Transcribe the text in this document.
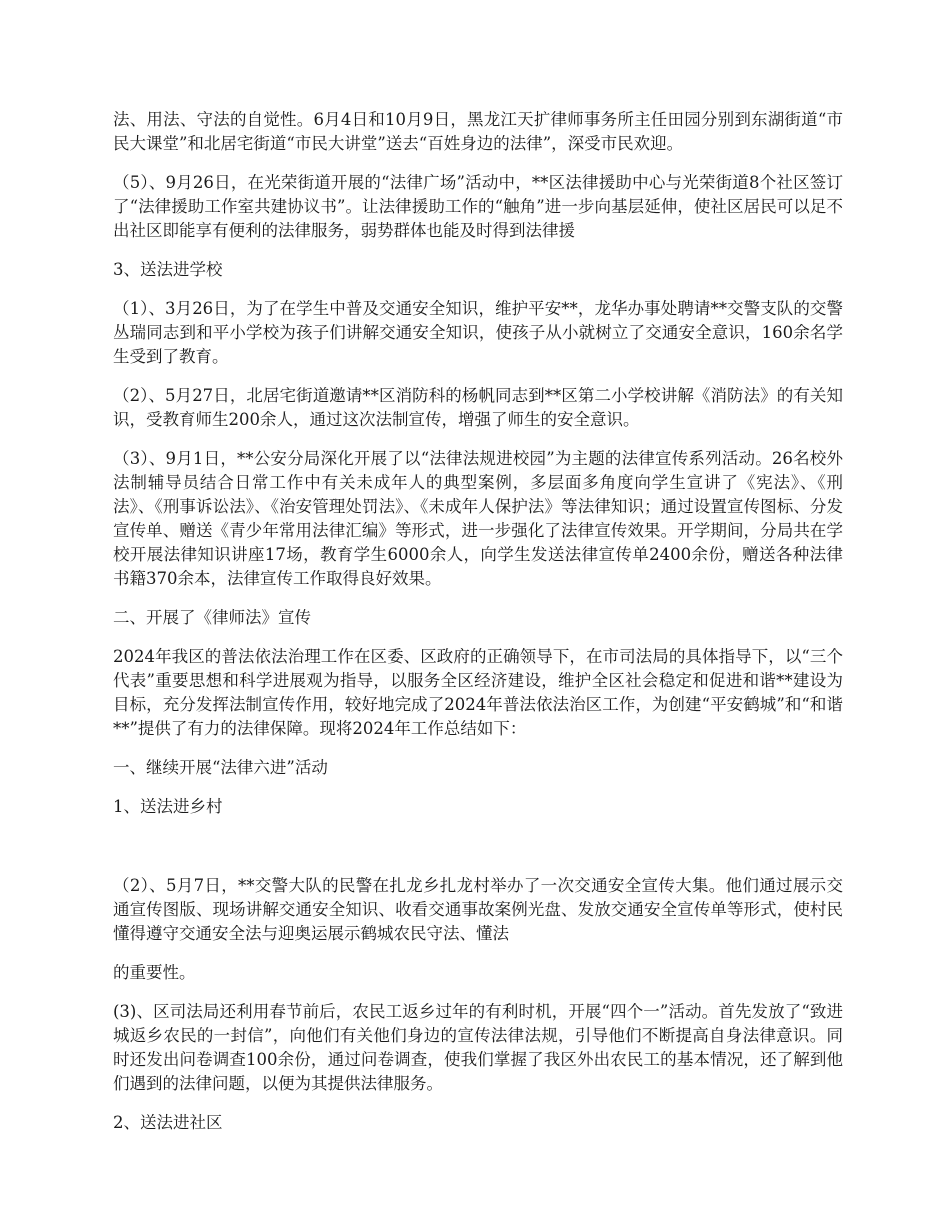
法、用法、守法的自觉性。6月4日和10月9日，黑龙江天扩律师事务所主任田园分别到东湖街道“市民大课堂”和北居宅街道“市民大讲堂”送去“百姓身边的法律”，深受市民欢迎。

（5）、9月26日，在光荣街道开展的“法律广场”活动中，**区法律援助中心与光荣街道8个社区签订了“法律援助工作室共建协议书”。让法律援助工作的“触角”进一步向基层延伸，使社区居民可以足不出社区即能享有便利的法律服务，弱势群体也能及时得到法律援

3、送法进学校

（1）、3月26日，为了在学生中普及交通安全知识，维护平安**，龙华办事处聘请**交警支队的交警丛瑞同志到和平小学校为孩子们讲解交通安全知识，使孩子从小就树立了交通安全意识，160余名学生受到了教育。

（2）、5月27日，北居宅街道邀请**区消防科的杨帆同志到**区第二小学校讲解《消防法》的有关知识，受教育师生200余人，通过这次法制宣传，增强了师生的安全意识。

（3）、9月1日，**公安分局深化开展了以“法律法规进校园”为主题的法律宣传系列活动。26名校外法制辅导员结合日常工作中有关未成年人的典型案例，多层面多角度向学生宣讲了《宪法》、《刑法》、《刑事诉讼法》、《治安管理处罚法》、《未成年人保护法》等法律知识；通过设置宣传图标、分发宣传单、赠送《青少年常用法律汇编》等形式，进一步强化了法律宣传效果。开学期间，分局共在学校开展法律知识讲座17场，教育学生6000余人，向学生发送法律宣传单2400余份，赠送各种法律书籍370余本，法律宣传工作取得良好效果。

二、开展了《律师法》宣传

2024年我区的普法依法治理工作在区委、区政府的正确领导下，在市司法局的具体指导下，以“三个代表”重要思想和科学进展观为指导，以服务全区经济建设，维护全区社会稳定和促进和谐**建设为目标，充分发挥法制宣传作用，较好地完成了2024年普法依法治区工作，为创建“平安鹤城”和“和谐**”提供了有力的法律保障。现将2024年工作总结如下：

一、继续开展“法律六进”活动

1、送法进乡村

（2）、5月7日，**交警大队的民警在扎龙乡扎龙村举办了一次交通安全宣传大集。他们通过展示交通宣传图版、现场讲解交通安全知识、收看交通事故案例光盘、发放交通安全宣传单等形式，使村民懂得遵守交通安全法与迎奥运展示鹤城农民守法、懂法

的重要性。

(3)、区司法局还利用春节前后，农民工返乡过年的有利时机，开展“四个一”活动。首先发放了“致进城返乡农民的一封信”，向他们有关他们身边的宣传法律法规，引导他们不断提高自身法律意识。同时还发出问卷调查100余份，通过问卷调查，使我们掌握了我区外出农民工的基本情况，还了解到他们遇到的法律问题，以便为其提供法律服务。

2、送法进社区
